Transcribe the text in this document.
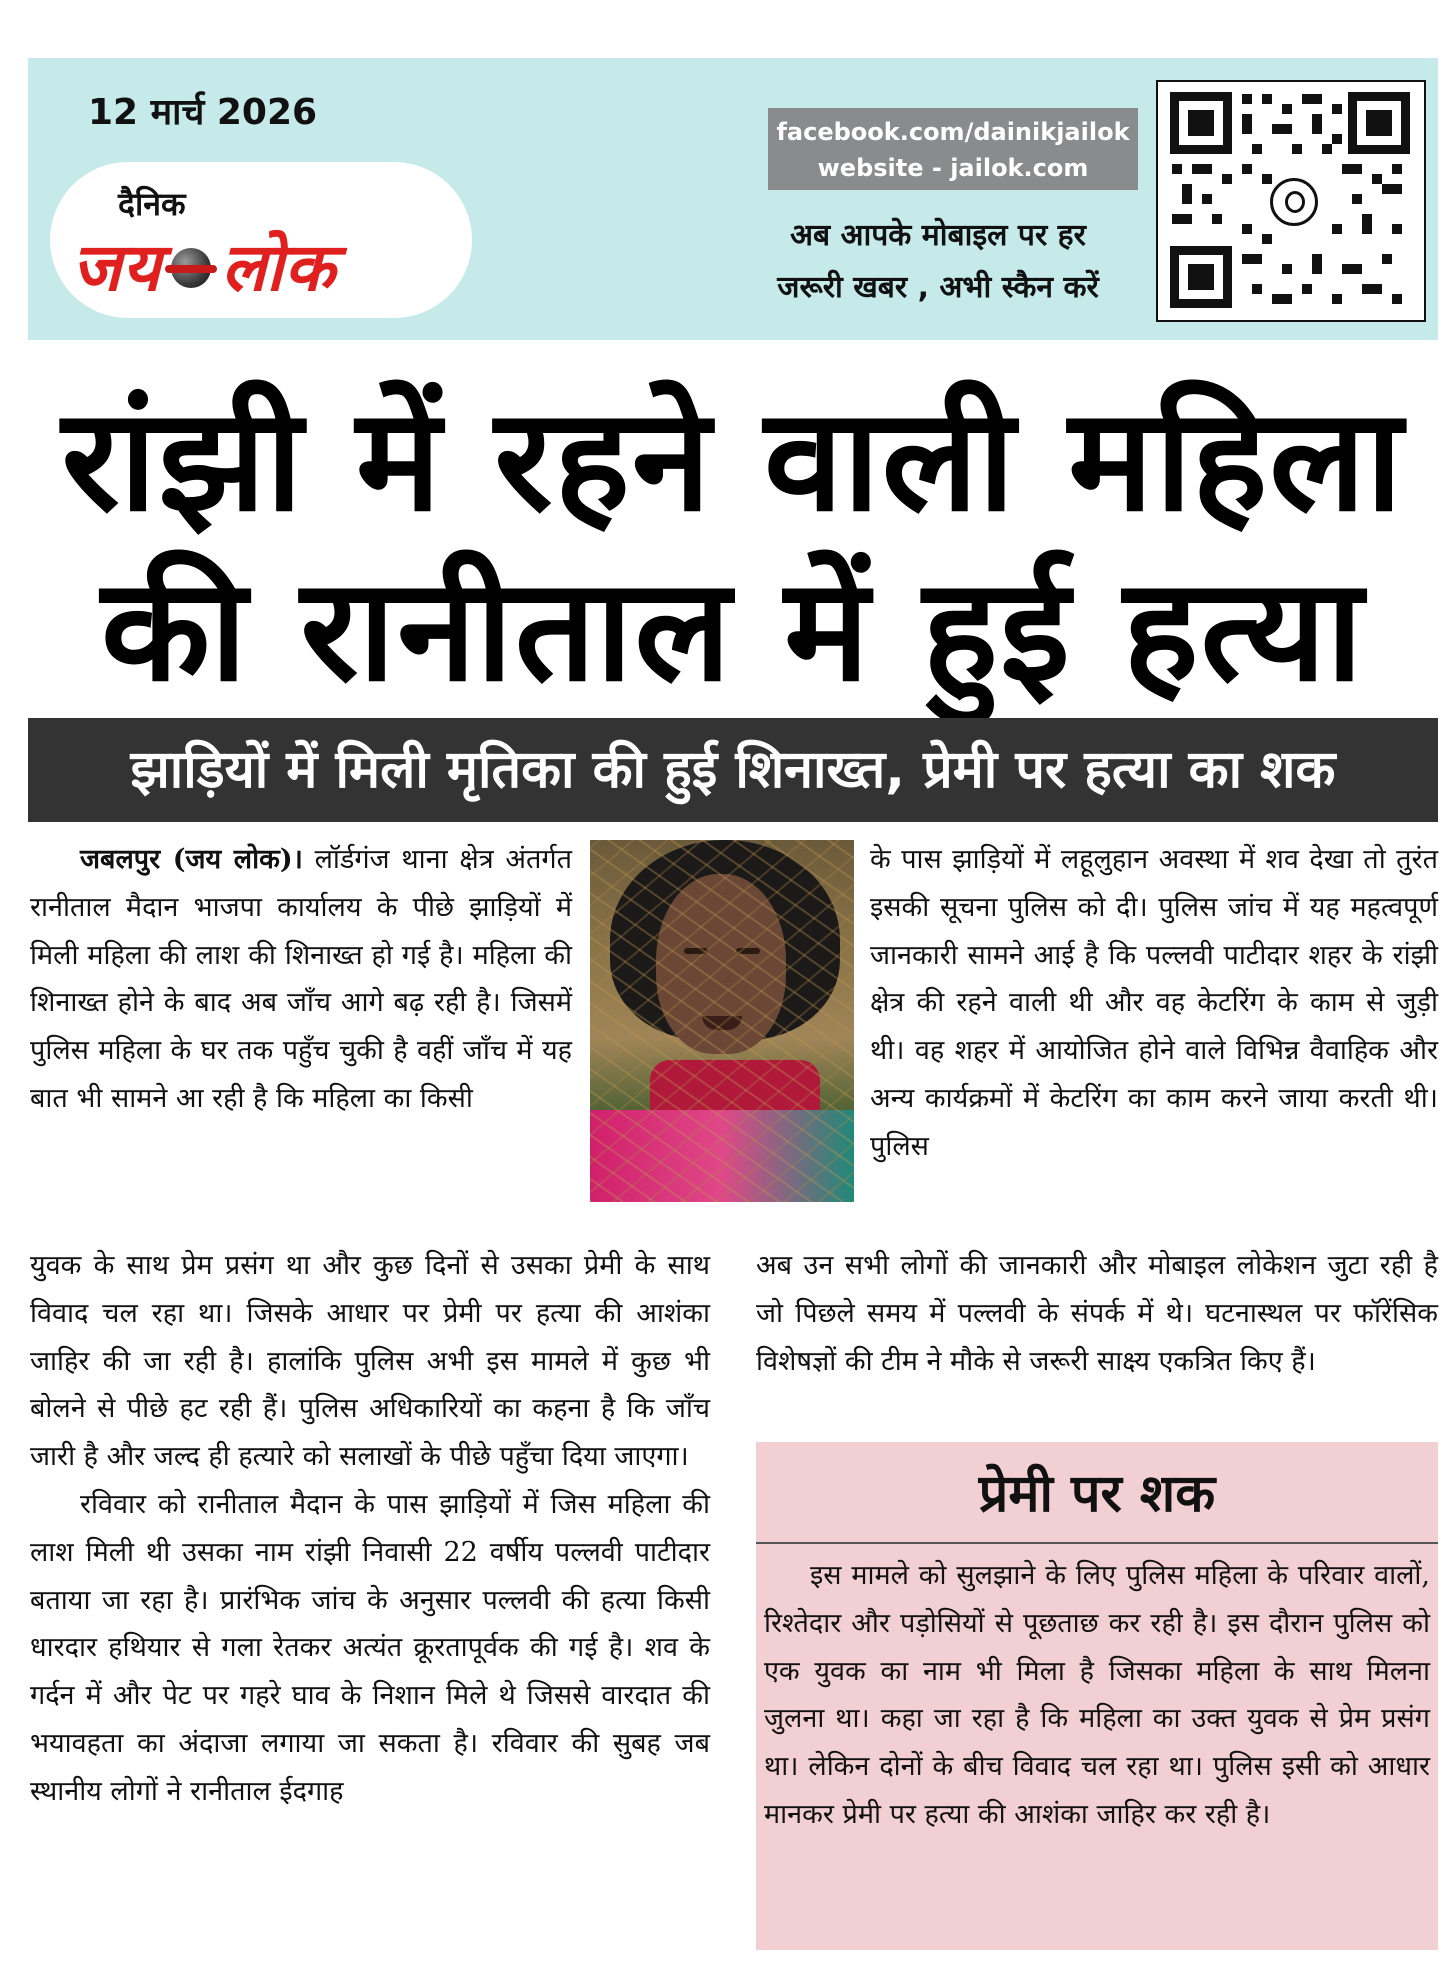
12 मार्च 2026
दैनिक
जय लोक
facebook.com/dainikjailok
website - jailok.com
अब आपके मोबाइल पर हर
जरूरी खबर , अभी स्कैन करें
रांझी में रहने वाली महिला
की रानीताल में हुई हत्या
झाड़ियों में मिली मृतिका की हुई शिनाख्त, प्रेमी पर हत्या का शक

जबलपुर (जय लोक)। लॉर्डगंज थाना क्षेत्र अंतर्गत रानीताल मैदान भाजपा कार्यालय के पीछे झाड़ियों में मिली महिला की लाश की शिनाख्त हो गई है। महिला की शिनाख्त होने के बाद अब जाँच आगे बढ़ रही है। जिसमें पुलिस महिला के घर तक पहुँच चुकी है वहीं जाँच में यह बात भी सामने आ रही है कि महिला का किसी

युवक के साथ प्रेम प्रसंग था और कुछ दिनों से उसका प्रेमी के साथ विवाद चल रहा था। जिसके आधार पर प्रेमी पर हत्या की आशंका जाहिर की जा रही है। हालांकि पुलिस अभी इस मामले में कुछ भी बोलने से पीछे हट रही हैं। पुलिस अधिकारियों का कहना है कि जाँच जारी है और जल्द ही हत्यारे को सलाखों के पीछे पहुँचा दिया जाएगा।

रविवार को रानीताल मैदान के पास झाड़ियों में जिस महिला की लाश मिली थी उसका नाम रांझी निवासी 22 वर्षीय पल्लवी पाटीदार बताया जा रहा है। प्रारंभिक जांच के अनुसार पल्लवी की हत्या किसी धारदार हथियार से गला रेतकर अत्यंत क्रूरतापूर्वक की गई है। शव के गर्दन में और पेट पर गहरे घाव के निशान मिले थे जिससे वारदात की भयावहता का अंदाजा लगाया जा सकता है। रविवार की सुबह जब स्थानीय लोगों ने रानीताल ईदगाह

के पास झाड़ियों में लहूलुहान अवस्था में शव देखा तो तुरंत इसकी सूचना पुलिस को दी। पुलिस जांच में यह महत्वपूर्ण जानकारी सामने आई है कि पल्लवी पाटीदार शहर के रांझी क्षेत्र की रहने वाली थी और वह केटरिंग के काम से जुड़ी थी। वह शहर में आयोजित होने वाले विभिन्न वैवाहिक और अन्य कार्यक्रमों में केटरिंग का काम करने जाया करती थी। पुलिस

अब उन सभी लोगों की जानकारी और मोबाइल लोकेशन जुटा रही है जो पिछले समय में पल्लवी के संपर्क में थे। घटनास्थल पर फॉरेंसिक विशेषज्ञों की टीम ने मौके से जरूरी साक्ष्य एकत्रित किए हैं।

प्रेमी पर शक

इस मामले को सुलझाने के लिए पुलिस महिला के परिवार वालों, रिश्तेदार और पड़ोसियों से पूछताछ कर रही है। इस दौरान पुलिस को एक युवक का नाम भी मिला है जिसका महिला के साथ मिलना जुलना था। कहा जा रहा है कि महिला का उक्त युवक से प्रेम प्रसंग था। लेकिन दोनों के बीच विवाद चल रहा था। पुलिस इसी को आधार मानकर प्रेमी पर हत्या की आशंका जाहिर कर रही है।
